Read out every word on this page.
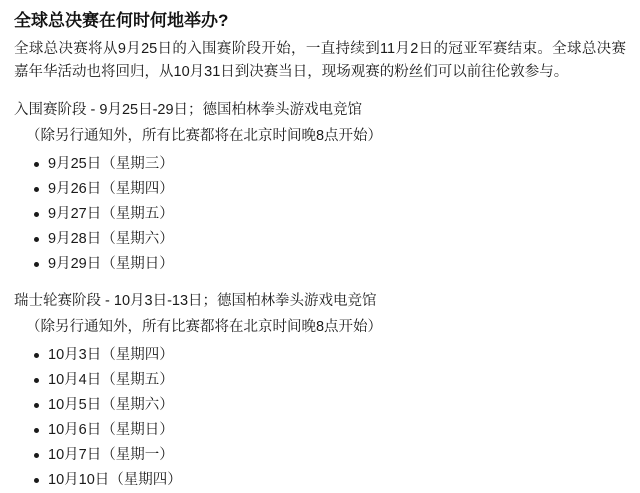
全球总决赛在何时何地举办?

全球总决赛将从9月25日的入围赛阶段开始，一直持续到11月2日的冠亚军赛结束。全球总决赛嘉年华活动也将回归，从10月31日到决赛当日，现场观赛的粉丝们可以前往伦敦参与。

入围赛阶段 - 9月25日-29日；德国柏林拳头游戏电竞馆
（除另行通知外，所有比赛都将在北京时间晚8点开始）
9月25日（星期三）
9月26日（星期四）
9月27日（星期五）
9月28日（星期六）
9月29日（星期日）
瑞士轮赛阶段 - 10月3日-13日；德国柏林拳头游戏电竞馆
（除另行通知外，所有比赛都将在北京时间晚8点开始）
10月3日（星期四）
10月4日（星期五）
10月5日（星期六）
10月6日（星期日）
10月7日（星期一）
10月10日（星期四）
